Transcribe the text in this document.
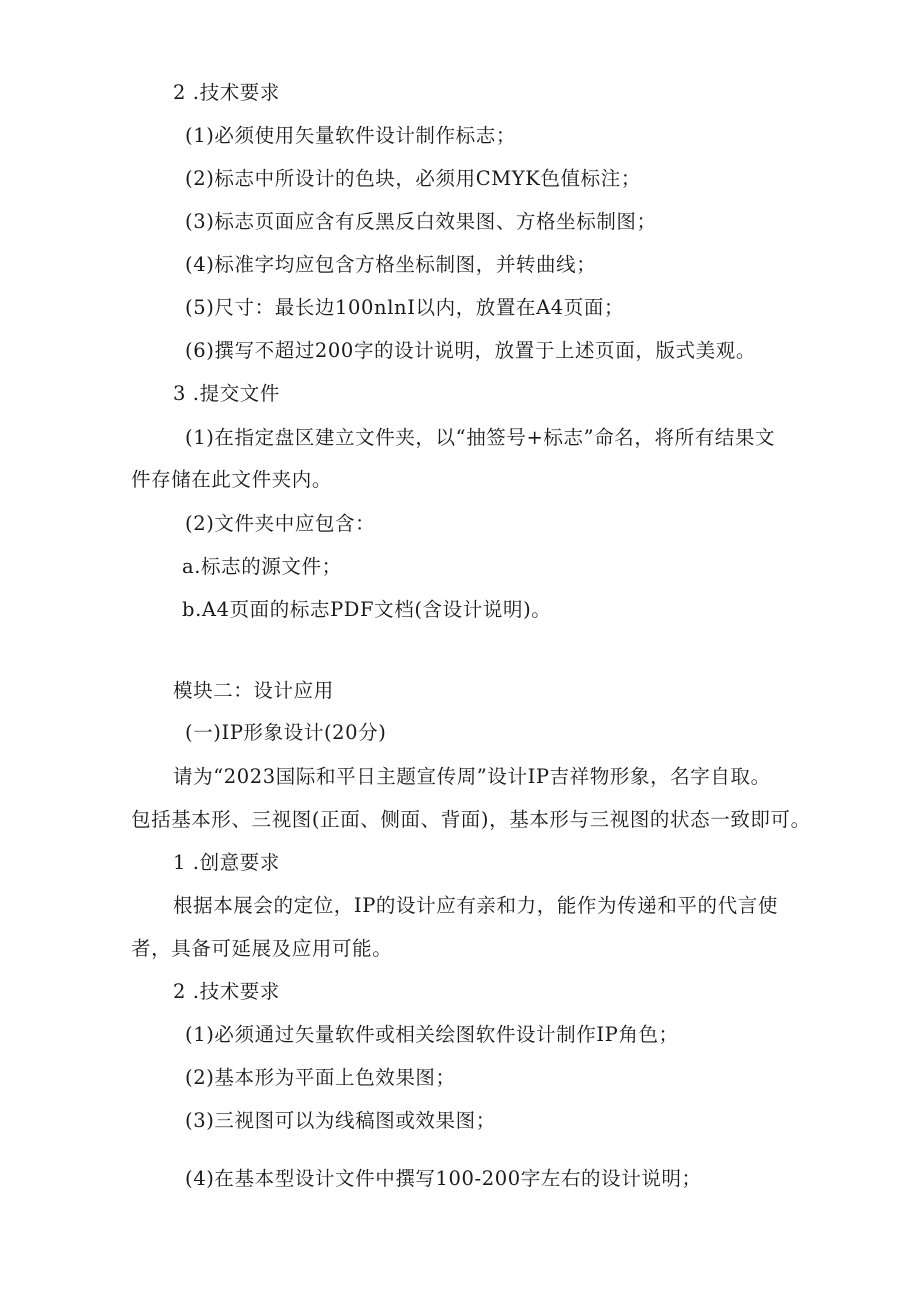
2 .技术要求
(1)必须使用矢量软件设计制作标志；
(2)标志中所设计的色块，必须用CMYK色值标注；
(3)标志页面应含有反黑反白效果图、方格坐标制图；
(4)标准字均应包含方格坐标制图，并转曲线；
(5)尺寸：最长边100nlnI以内，放置在A4页面；
(6)撰写不超过200字的设计说明，放置于上述页面，版式美观。
3 .提交文件
(1)在指定盘区建立文件夹，以“抽签号+标志”命名，将所有结果文
件存储在此文件夹内。
(2)文件夹中应包含：
a.标志的源文件；
b.A4页面的标志PDF文档(含设计说明)。
模块二：设计应用
(一)IP形象设计(20分)
请为“2023国际和平日主题宣传周”设计IP吉祥物形象，名字自取。
包括基本形、三视图(正面、侧面、背面)，基本形与三视图的状态一致即可。
1 .创意要求
根据本展会的定位，IP的设计应有亲和力，能作为传递和平的代言使
者，具备可延展及应用可能。
2 .技术要求
(1)必须通过矢量软件或相关绘图软件设计制作IP角色；
(2)基本形为平面上色效果图；
(3)三视图可以为线稿图或效果图；
(4)在基本型设计文件中撰写100-200字左右的设计说明；
